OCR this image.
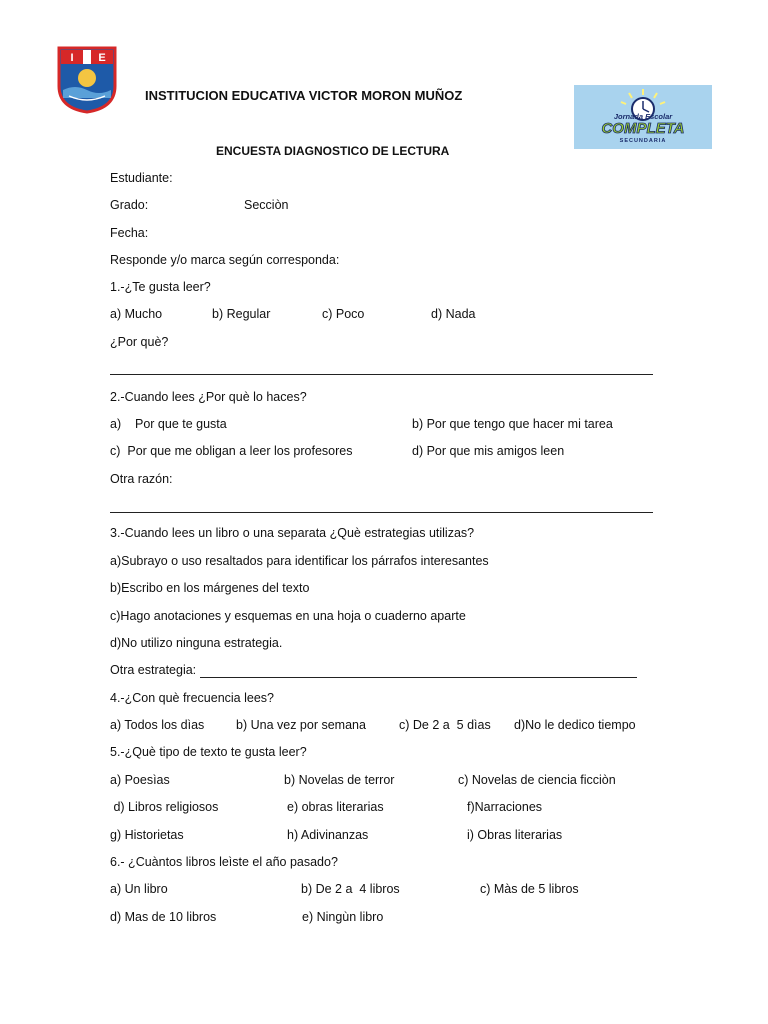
I E
INSTITUCION EDUCATIVA VICTOR MORON MUÑOZ
Jornada Escolar
COMPLETA
SECUNDARIA
ENCUESTA DIAGNOSTICO DE LECTURA
Estudiante:
Grado:	Secciòn
Fecha:
Responde y/o marca según corresponda:
1.-¿Te gusta leer?
a) Mucho	b) Regular	c) Poco	d) Nada
¿Por què?
2.-Cuando lees ¿Por què lo haces?
a)    Por que te gusta	b) Por que tengo que hacer mi tarea
c)  Por que me obligan a leer los profesores	d) Por que mis amigos leen
Otra razón:
3.-Cuando lees un libro o una separata ¿Què estrategias utilizas?
a)Subrayo o uso resaltados para identificar los párrafos interesantes
b)Escribo en los márgenes del texto
c)Hago anotaciones y esquemas en una hoja o cuaderno aparte
d)No utilizo ninguna estrategia.
Otra estrategia:
4.-¿Con què frecuencia lees?
a) Todos los dìas	b) Una vez por semana	c) De 2 a  5 dìas d)No le dedico tiempo
5.-¿Què tipo de texto te gusta leer?
a) Poesìas	b) Novelas de terror	c) Novelas de ciencia ficciòn
d) Libros religiosos	e) obras literarias	f)Narraciones
g) Historietas	h) Adivinanzas	i) Obras literarias
6.- ¿Cuàntos libros leìste el año pasado?
a) Un libro	b) De 2 a  4 libros	c) Màs de 5 libros
d) Mas de 10 libros	e) Ningùn libro
